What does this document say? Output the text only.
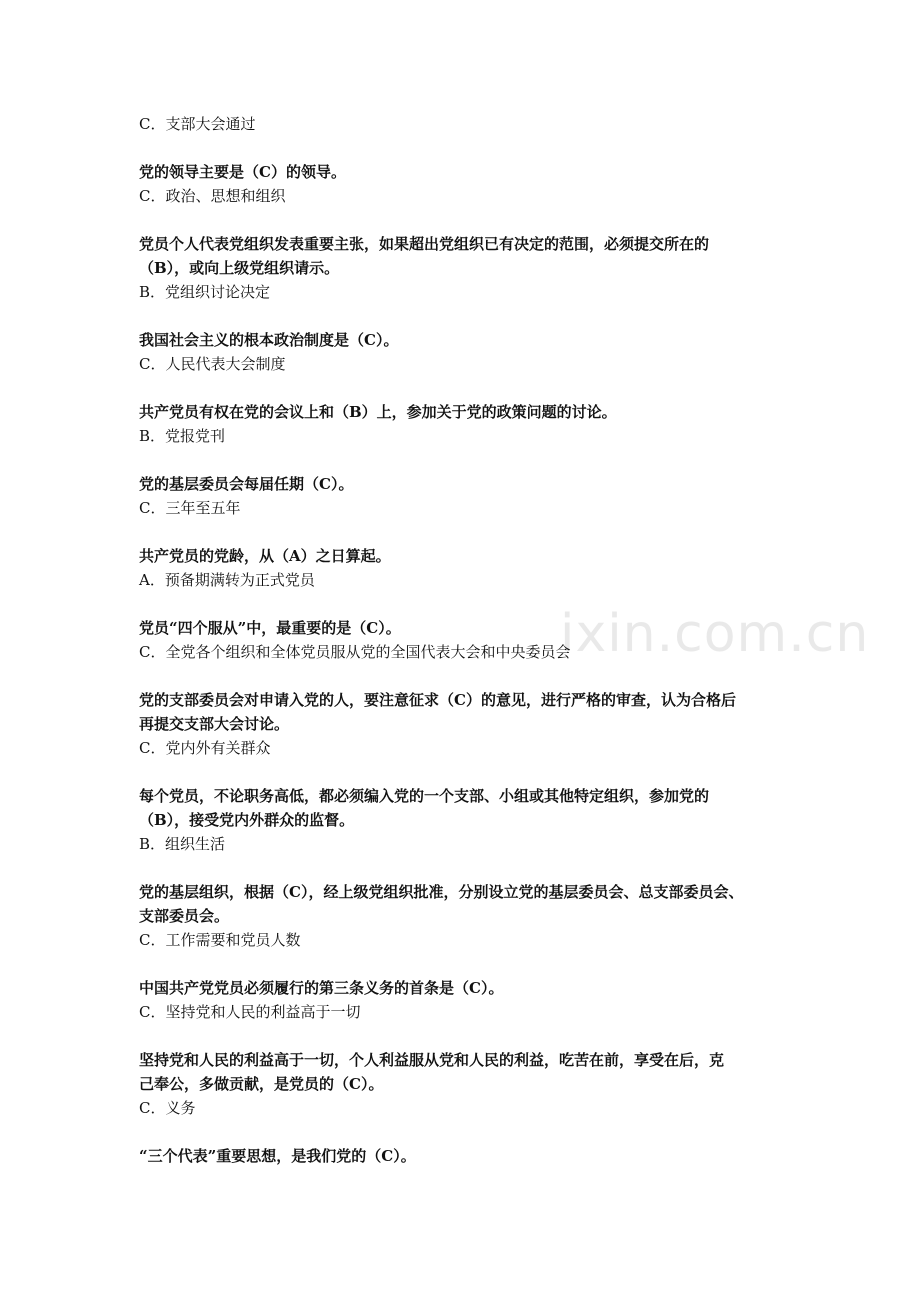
ixin.com.cn
C．支部大会通过
党的领导主要是（C）的领导。
C．政治、思想和组织
党员个人代表党组织发表重要主张，如果超出党组织已有决定的范围，必须提交所在的
（B），或向上级党组织请示。
B．党组织讨论决定
我国社会主义的根本政治制度是（C）。
C．人民代表大会制度
共产党员有权在党的会议上和（B）上，参加关于党的政策问题的讨论。
B．党报党刊
党的基层委员会每届任期（C）。
C．三年至五年
共产党员的党龄，从（A）之日算起。
A．预备期满转为正式党员
党员“四个服从”中，最重要的是（C）。
C．全党各个组织和全体党员服从党的全国代表大会和中央委员会
党的支部委员会对申请入党的人，要注意征求（C）的意见，进行严格的审查，认为合格后
再提交支部大会讨论。
C．党内外有关群众
每个党员，不论职务高低，都必须编入党的一个支部、小组或其他特定组织，参加党的
（B），接受党内外群众的监督。
B．组织生活
党的基层组织，根据（C），经上级党组织批准，分别设立党的基层委员会、总支部委员会、
支部委员会。
C．工作需要和党员人数
中国共产党党员必须履行的第三条义务的首条是（C）。
C．坚持党和人民的利益高于一切
坚持党和人民的利益高于一切，个人利益服从党和人民的利益，吃苦在前，享受在后，克
己奉公，多做贡献，是党员的（C）。
C．义务
“三个代表”重要思想，是我们党的（C）。
